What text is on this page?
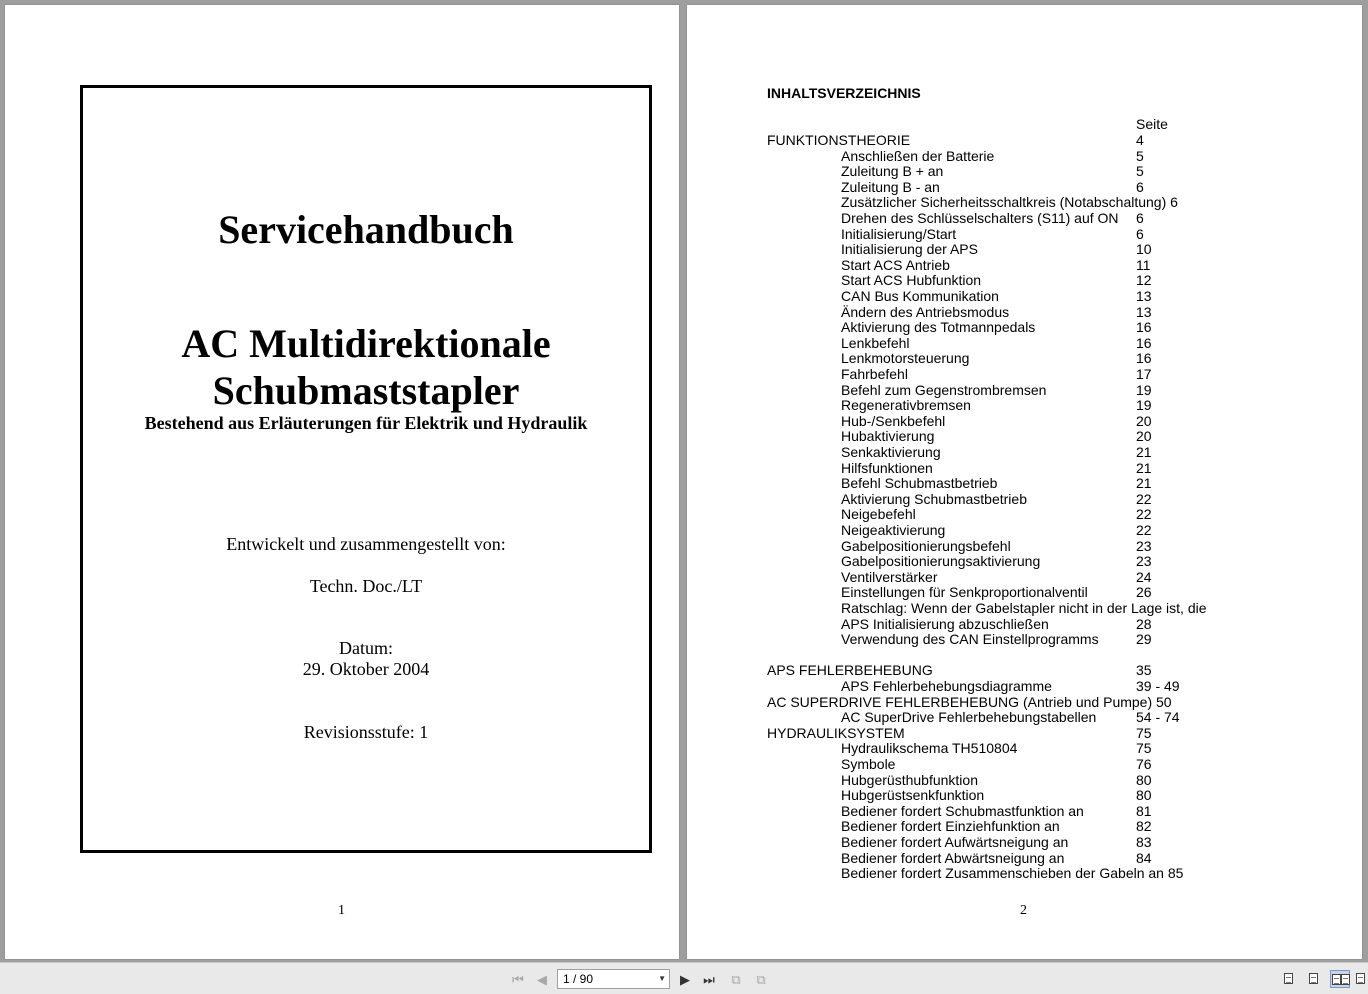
Servicehandbuch
AC Multidirektionale
Schubmaststapler
Bestehend aus Erläuterungen für Elektrik und Hydraulik
Entwickelt und zusammengestellt von:
Techn. Doc./LT
Datum:
29. Oktober 2004
Revisionsstufe: 1
1
INHALTSVERZEICHNIS
Seite
FUNKTIONSTHEORIE	4
Anschließen der Batterie	5
Zuleitung B + an	5
Zuleitung B - an	6
Zusätzlicher Sicherheitsschaltkreis (Notabschaltung) 6
Drehen des Schlüsselschalters (S11) auf ON 6
Initialisierung/Start	6
Initialisierung der APS	10
Start ACS Antrieb	11
Start ACS Hubfunktion	12
CAN Bus Kommunikation	13
Ändern des Antriebsmodus	13
Aktivierung des Totmannpedals	16
Lenkbefehl	16
Lenkmotorsteuerung	16
Fahrbefehl	17
Befehl zum Gegenstrombremsen	19
Regenerativbremsen	19
Hub-/Senkbefehl	20
Hubaktivierung	20
Senkaktivierung	21
Hilfsfunktionen	21
Befehl Schubmastbetrieb	21
Aktivierung Schubmastbetrieb	22
Neigebefehl	22
Neigeaktivierung	22
Gabelpositionierungsbefehl	23
Gabelpositionierungsaktivierung	23
Ventilverstärker	24
Einstellungen für Senkproportionalventil	26
Ratschlag: Wenn der Gabelstapler nicht in der Lage ist, die
APS Initialisierung abzuschließen	28
Verwendung des CAN Einstellprogramms	29
APS FEHLERBEHEBUNG	35
APS Fehlerbehebungsdiagramme	39 - 49
AC SUPERDRIVE FEHLERBEHEBUNG (Antrieb und Pumpe) 50
AC SuperDrive Fehlerbehebungstabellen	54 - 74
HYDRAULIKSYSTEM	75
Hydraulikschema TH510804	75
Symbole	76
Hubgerüsthubfunktion	80
Hubgerüstsenkfunktion	80
Bediener fordert Schubmastfunktion an	81
Bediener fordert Einziehfunktion an	82
Bediener fordert Aufwärtsneigung an	83
Bediener fordert Abwärtsneigung an	84
Bediener fordert Zusammenschieben der Gabeln an 85
2
⏮	◀	1 / 90	▼	▶	⏭	⧉	⧉
